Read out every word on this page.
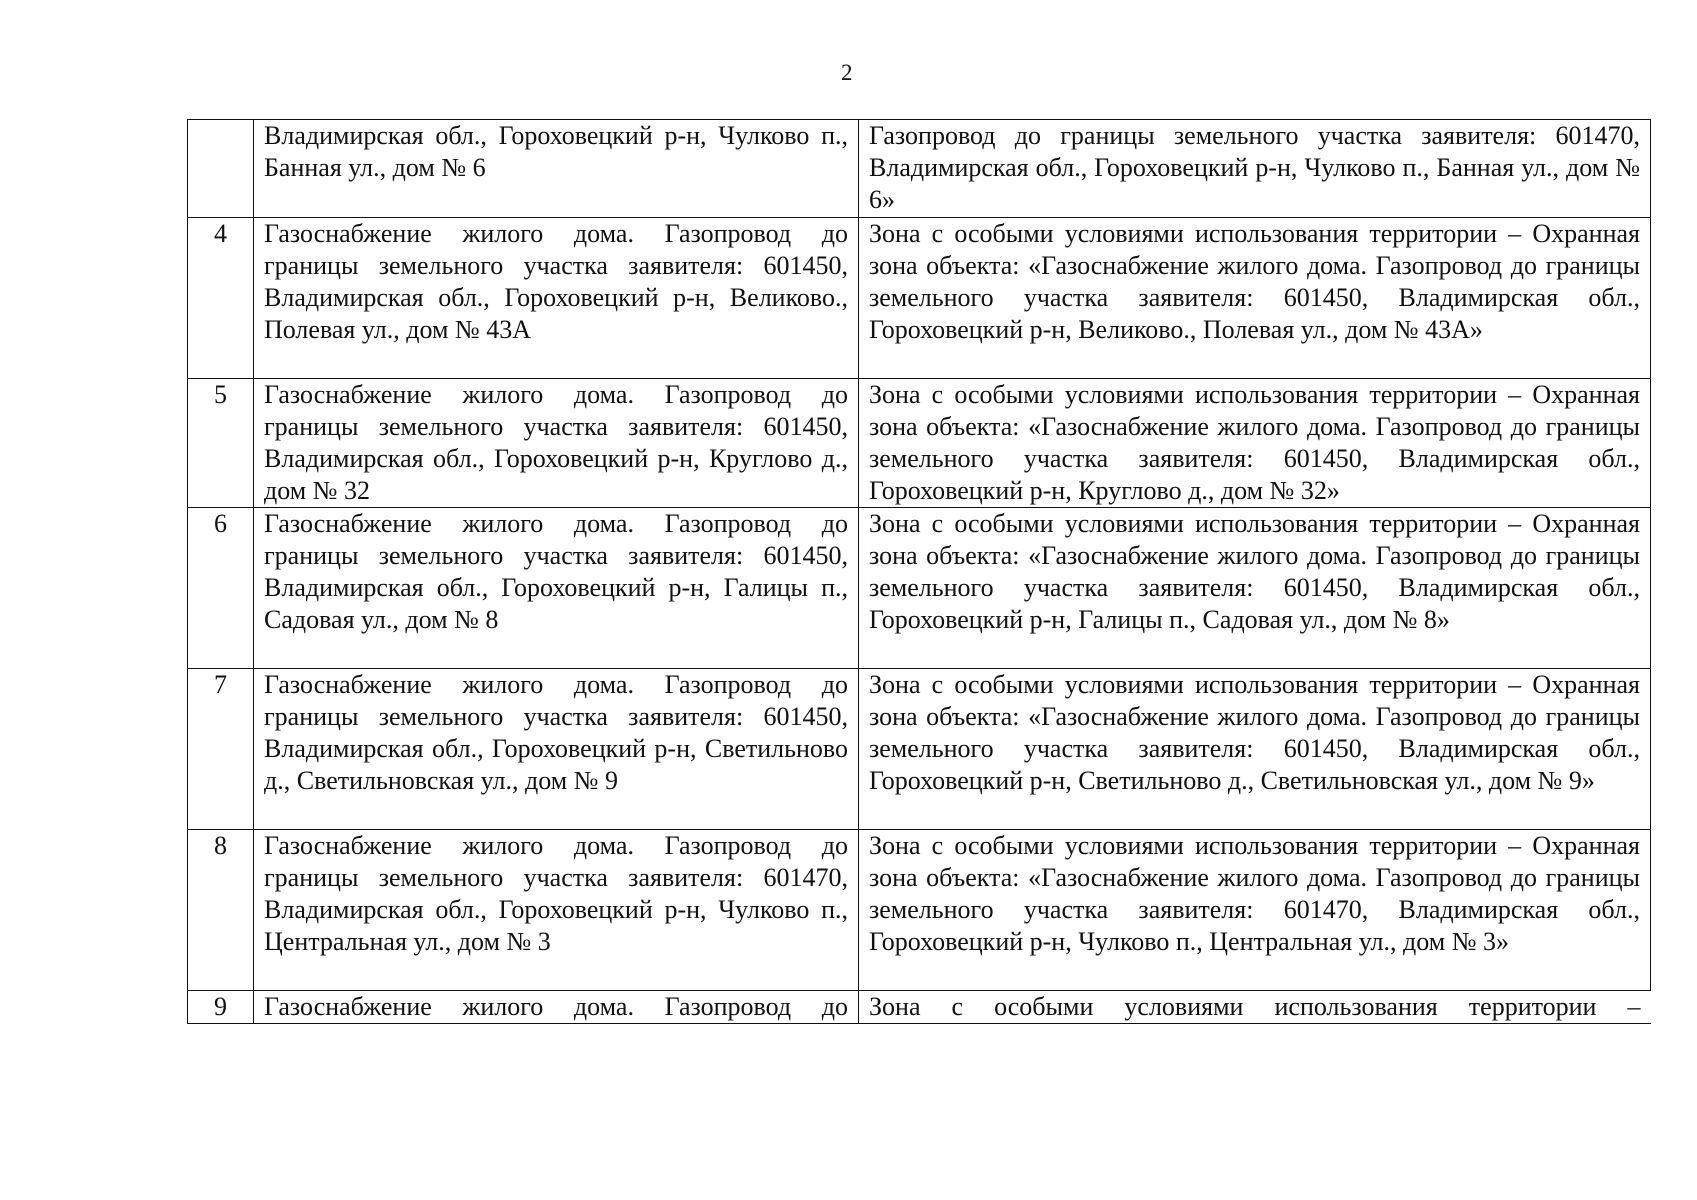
2
	Владимирская обл., Гороховецкий р-н, Чулково п., Банная ул., дом № 6	Газопровод до границы земельного участка заявителя: 601470, Владимирская обл., Гороховецкий р-н, Чулково п., Банная ул., дом № 6»
4	Газоснабжение жилого дома. Газопровод до границы земельного участка заявителя: 601450, Владимирская обл., Гороховецкий р-н, Великово., Полевая ул., дом № 43А	Зона с особыми условиями использования территории – Охранная зона объекта: «Газоснабжение жилого дома. Газопровод до границы земельного участка заявителя: 601450, Владимирская обл., Гороховецкий р-н, Великово., Полевая ул., дом № 43А»
5	Газоснабжение жилого дома. Газопровод до границы земельного участка заявителя: 601450, Владимирская обл., Гороховецкий р-н, Круглово д., дом № 32	Зона с особыми условиями использования территории – Охранная зона объекта: «Газоснабжение жилого дома. Газопровод до границы земельного участка заявителя: 601450, Владимирская обл., Гороховецкий р-н, Круглово д., дом № 32»
6	Газоснабжение жилого дома. Газопровод до границы земельного участка заявителя: 601450, Владимирская обл., Гороховецкий р-н, Галицы п., Садовая ул., дом № 8	Зона с особыми условиями использования территории – Охранная зона объекта: «Газоснабжение жилого дома. Газопровод до границы земельного участка заявителя: 601450, Владимирская обл., Гороховецкий р-н, Галицы п., Садовая ул., дом № 8»
7	Газоснабжение жилого дома. Газопровод до границы земельного участка заявителя: 601450, Владимирская обл., Гороховецкий р-н, Светильново д., Светильновская ул., дом № 9	Зона с особыми условиями использования территории – Охранная зона объекта: «Газоснабжение жилого дома. Газопровод до границы земельного участка заявителя: 601450, Владимирская обл., Гороховецкий р-н, Светильново д., Светильновская ул., дом № 9»
8	Газоснабжение жилого дома. Газопровод до границы земельного участка заявителя: 601470, Владимирская обл., Гороховецкий р-н, Чулково п., Центральная ул., дом № 3	Зона с особыми условиями использования территории – Охранная зона объекта: «Газоснабжение жилого дома. Газопровод до границы земельного участка заявителя: 601470, Владимирская обл., Гороховецкий р-н, Чулково п., Центральная ул., дом № 3»
9	Газоснабжение жилого дома. Газопровод до	Зона с особыми условиями использования территории –
